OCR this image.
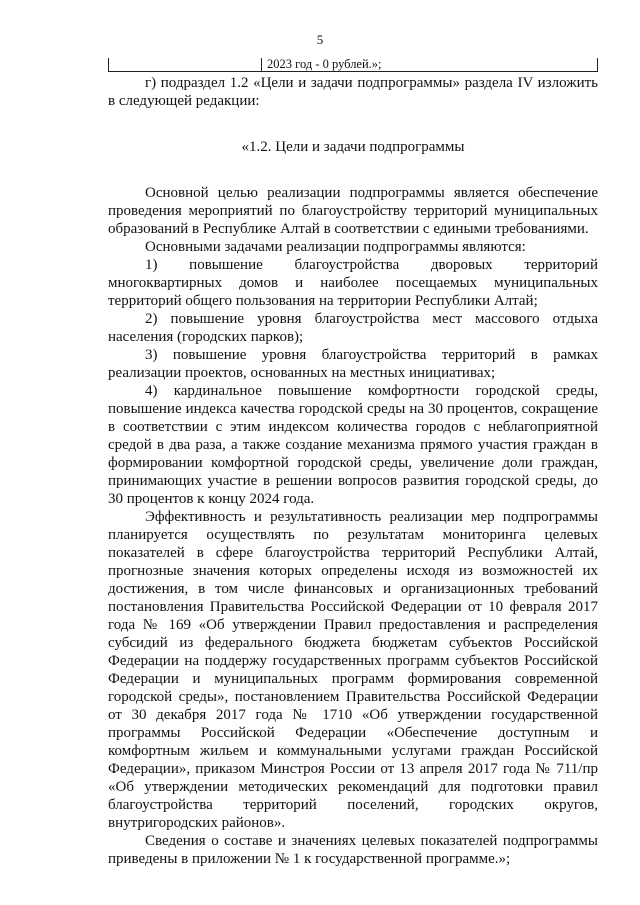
5
2023 год - 0 рублей.»;

г) подраздел 1.2 «Цели и задачи подпрограммы» раздела IV изложить в следующей редакции:

«1.2. Цели и задачи подпрограммы

Основной целью реализации подпрограммы является обеспечение проведения мероприятий по благоустройству территорий муниципальных образований в Республике Алтай в соответствии с едиными требованиями.

Основными задачами реализации подпрограммы являются:

1) повышение благоустройства дворовых территорий многоквартирных домов и наиболее посещаемых муниципальных территорий общего пользования на территории Республики Алтай;

2) повышение уровня благоустройства мест массового отдыха населения (городских парков);

3) повышение уровня благоустройства территорий в рамках реализации проектов, основанных на местных инициативах;

4) кардинальное повышение комфортности городской среды, повышение индекса качества городской среды на 30 процентов, сокращение в соответствии с этим индексом количества городов с неблагоприятной средой в два раза, а также создание механизма прямого участия граждан в формировании комфортной городской среды, увеличение доли граждан, принимающих участие в решении вопросов развития городской среды, до 30 процентов к концу 2024 года.

Эффективность и результативность реализации мер подпрограммы планируется осуществлять по результатам мониторинга целевых показателей в сфере благоустройства территорий Республики Алтай, прогнозные значения которых определены исходя из возможностей их достижения, в том числе финансовых и организационных требований постановления Правительства Российской Федерации от 10 февраля 2017 года № 169 «Об утверждении Правил предоставления и распределения субсидий из федерального бюджета бюджетам субъектов Российской Федерации на поддержу государственных программ субъектов Российской Федерации и муниципальных программ формирования современной городской среды», постановлением Правительства Российской Федерации от 30 декабря 2017 года № 1710 «Об утверждении государственной программы Российской Федерации «Обеспечение доступным и комфортным жильем и коммунальными услугами граждан Российской Федерации», приказом Минстроя России от 13 апреля 2017 года № 711/пр «Об утверждении методических рекомендаций для подготовки правил благоустройства территорий поселений, городских округов, внутригородских районов».

Сведения о составе и значениях целевых показателей подпрограммы приведены в приложении № 1 к государственной программе.»;
